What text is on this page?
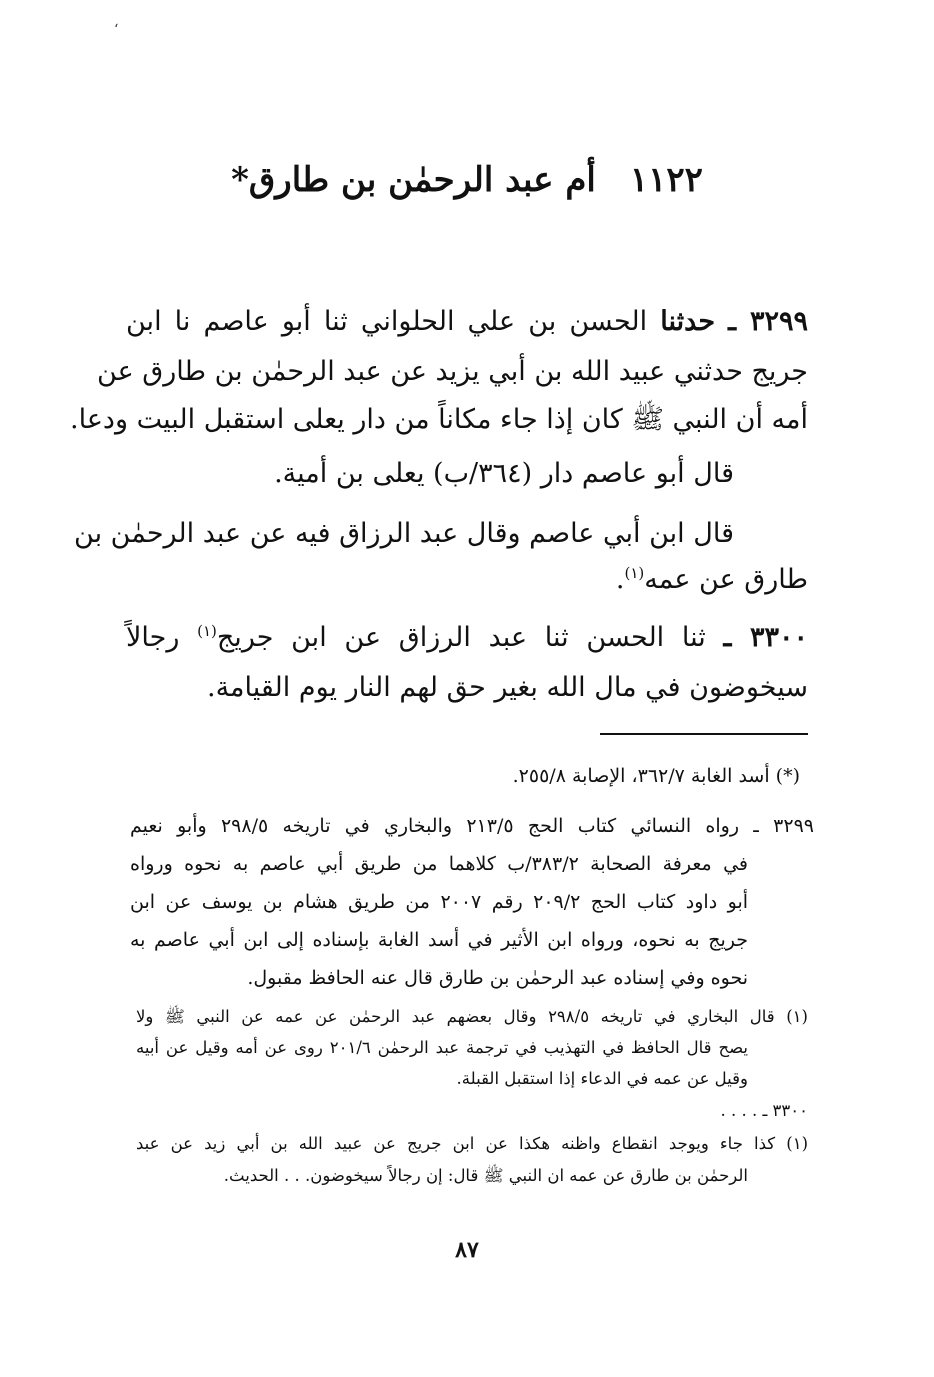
‘
١١٢٢أم عبد الرحمٰن بن طارق*
٣٢٩٩ ـ حدثنا الحسن بن علي الحلواني ثنا أبو عاصم نا ابن
جريج حدثني عبيد الله بن أبي يزيد عن عبد الرحمٰن بن طارق عن
أمه أن النبي ﷺ كان إذا جاء مكاناً من دار يعلى استقبل البيت ودعا.
قال أبو عاصم دار (٣٦٤/ب) يعلى بن أمية.
قال ابن أبي عاصم وقال عبد الرزاق فيه عن عبد الرحمٰن بن
طارق عن عمه$^{(١)}$.
٣٣٠٠ ـ ثنا الحسن ثنا عبد الرزاق عن ابن جريج$^{(١)}$ رجالاً
سيخوضون في مال الله بغير حق لهم النار يوم القيامة.
(*) أسد الغابة ٣٦٢/٧، الإصابة ٢٥٥/٨.
٣٢٩٩ ـ رواه النسائي كتاب الحج ٢١٣/٥ والبخاري في تاريخه ٢٩٨/٥ وأبو نعيم
في معرفة الصحابة ٣٨٣/٢/ب كلاهما من طريق أبي عاصم به نحوه ورواه
أبو داود كتاب الحج ٢٠٩/٢ رقم ٢٠٠٧ من طريق هشام بن يوسف عن ابن
جريج به نحوه، ورواه ابن الأثير في أسد الغابة بإسناده إلى ابن أبي عاصم به
نحوه وفي إسناده عبد الرحمٰن بن طارق قال عنه الحافظ مقبول.
(١) قال البخاري في تاريخه ٢٩٨/٥ وقال بعضهم عبد الرحمٰن عن عمه عن النبي ﷺ ولا
يصح قال الحافظ في التهذيب في ترجمة عبد الرحمٰن ٢٠١/٦ روى عن أمه وقيل عن أبيه
وقيل عن عمه في الدعاء إذا استقبل القبلة.
٣٣٠٠ ـ . . . .
(١) كذا جاء ويوجد انقطاع واظنه هكذا عن ابن جريج عن عبيد الله بن أبي زيد عن عبد
الرحمٰن بن طارق عن عمه ان النبي ﷺ قال: إن رجالاً سيخوضون. . . الحديث.
٨٧
